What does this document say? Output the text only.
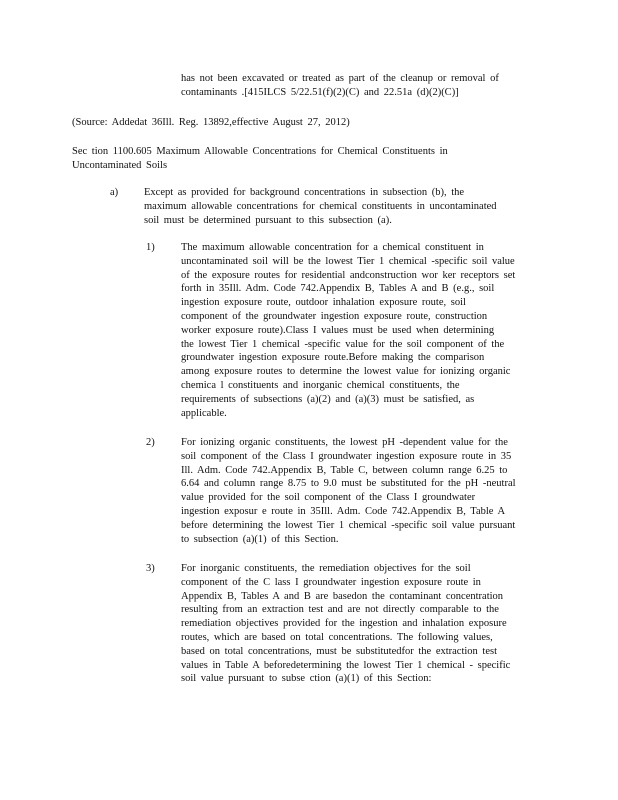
has not been excavated or treated as part of the cleanup or removal of
contaminants .[415ILCS 5/22.51(f)(2)(C) and 22.51a (d)(2)(C)]
(Source: Addedat 36Ill. Reg. 13892,effective August 27, 2012)
Sec tion 1100.605 Maximum Allowable Concentrations for Chemical Constituents in
Uncontaminated Soils
a) Except as provided for background concentrations in subsection (b), the
maximum allowable concentrations for chemical constituents in uncontaminated
soil must be determined pursuant to this subsection (a).
1)	The maximum allowable concentration for a chemical constituent in
uncontaminated soil will be the lowest Tier 1 chemical -specific soil value
of the exposure routes for residential andconstruction wor ker receptors set
forth in 35Ill. Adm. Code 742.Appendix B, Tables A and B (e.g., soil
ingestion exposure route, outdoor inhalation exposure route, soil
component of the groundwater ingestion exposure route, construction
worker exposure route).Class I values must be used when determining
the lowest Tier 1 chemical -specific value for the soil component of the
groundwater ingestion exposure route.Before making the comparison
among exposure routes to determine the lowest value for ionizing organic
chemica l constituents and inorganic chemical constituents, the
requirements of subsections (a)(2) and (a)(3) must be satisfied, as
applicable.
2)	For ionizing organic constituents, the lowest pH -dependent value for the
soil component of the Class I groundwater ingestion exposure route in 35
Ill. Adm. Code 742.Appendix B, Table C, between column range 6.25 to
6.64 and column range 8.75 to 9.0 must be substituted for the pH -neutral
value provided for the soil component of the Class I groundwater
ingestion exposur e route in 35Ill. Adm. Code 742.Appendix B, Table A
before determining the lowest Tier 1 chemical -specific soil value pursuant
to subsection (a)(1) of this Section.
3)	For inorganic constituents, the remediation objectives for the soil
component of the C lass I groundwater ingestion exposure route in
Appendix B, Tables A and B are basedon the contaminant concentration
resulting from an extraction test and are not directly comparable to the
remediation objectives provided for the ingestion and inhalation exposure
routes, which are based on total concentrations. The following values,
based on total concentrations, must be substitutedfor the extraction test
values in Table A beforedetermining the lowest Tier 1 chemical - specific
soil value pursuant to subse ction (a)(1) of this Section:
